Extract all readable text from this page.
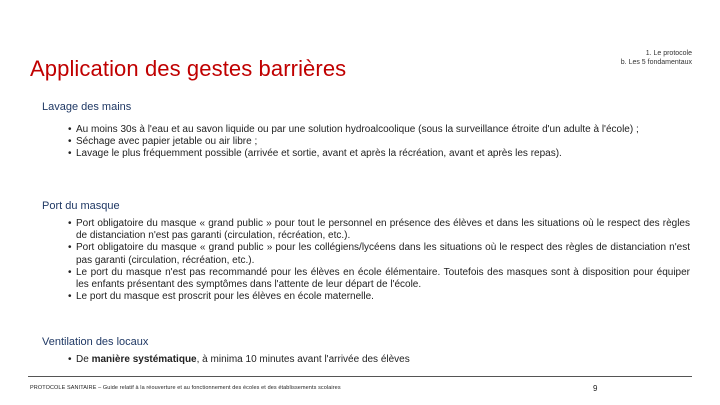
Application des gestes barrières
1. Le protocole
b. Les 5 fondamentaux
Lavage des mains
• Au moins 30s à l'eau et au savon liquide ou par une solution hydroalcoolique (sous la surveillance étroite d'un adulte à l'école) ;
• Séchage avec papier jetable ou air libre ;
• Lavage le plus fréquemment possible (arrivée et sortie, avant et après la récréation, avant et après les repas).
Port du masque
• Port obligatoire du masque « grand public » pour tout le personnel en présence des élèves et dans les situations où le respect des règles de distanciation n'est pas garanti (circulation, récréation, etc.).
• Port obligatoire du masque « grand public » pour les collégiens/lycéens dans les situations où le respect des règles de distanciation n'est pas garanti (circulation, récréation, etc.).
• Le port du masque n'est pas recommandé pour les élèves en école élémentaire. Toutefois des masques sont à disposition pour équiper les enfants présentant des symptômes dans l'attente de leur départ de l'école.
• Le port du masque est proscrit pour les élèves en école maternelle.
Ventilation des locaux
• De manière systématique, à minima 10 minutes avant l'arrivée des élèves
PROTOCOLE SANITAIRE – Guide relatif à la réouverture et au fonctionnement des écoles et des établissements scolaires	9
